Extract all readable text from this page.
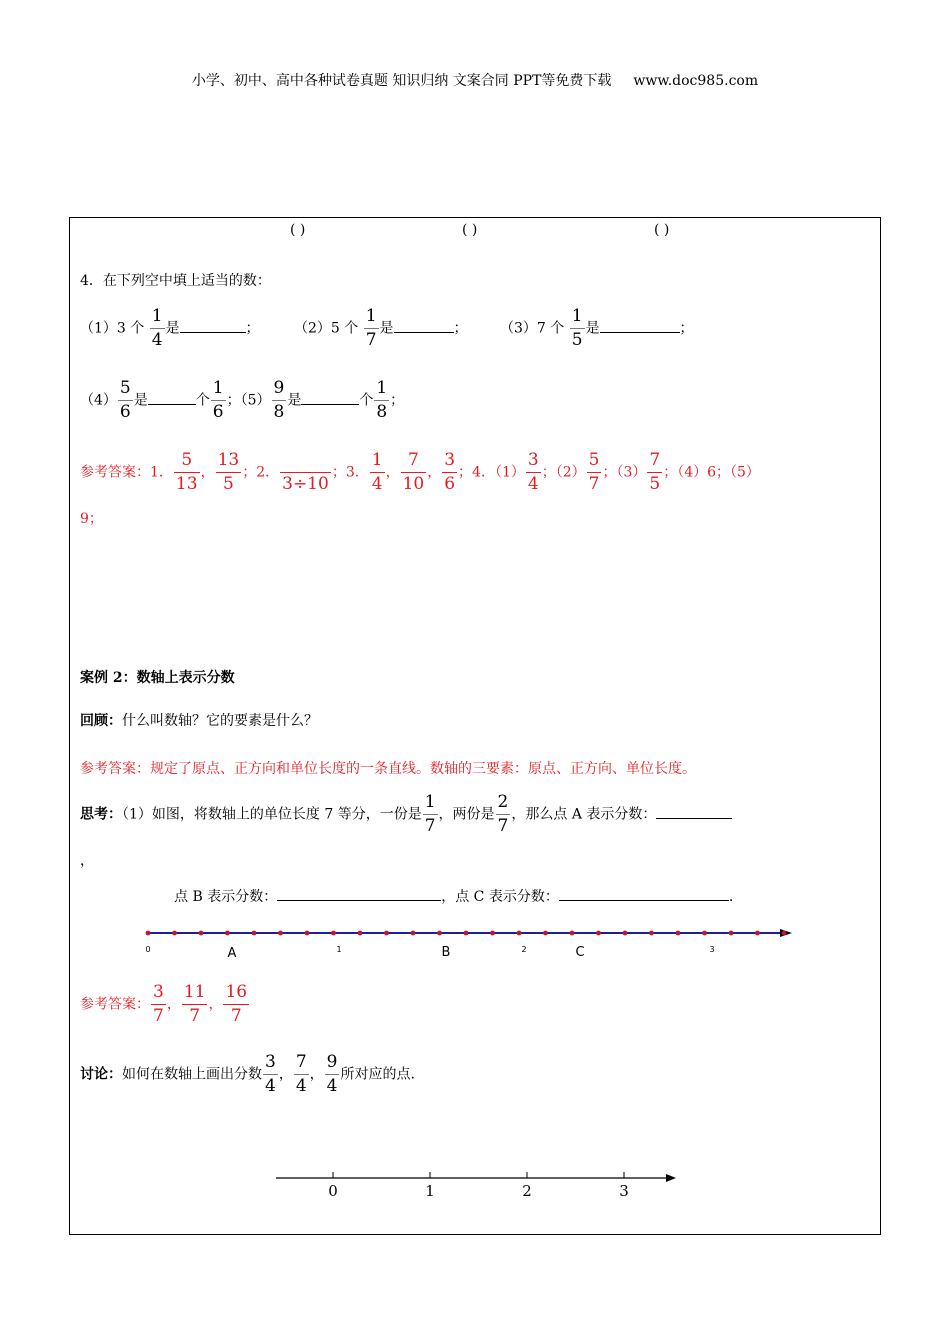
小学、初中、高中各种试卷真题 知识归纳 文案合同 PPT等免费下载 www.doc985.com
( )	( )	( )
4．在下列空中填上适当的数：
（1）3 个 $\frac{1}{4}$ 是	； （2）5 个 $\frac{1}{7}$ 是	； （3）7 个 $\frac{1}{5}$ 是	；
$(4) \frac{5}{6}$ 是	个 $\frac{1}{6}$ ；$(5) \frac{9}{8}$ 是	个 $\frac{1}{8}$ ；
参考答案：1． $\frac{5}{13}$ ， $\frac{13}{5}$ ；2．

3÷10
；3． $\frac{1}{4}$ ， $\frac{7}{10}$ ， $\frac{3}{6}$ ；4．$(1) \frac{3}{4}$ ；$(2) \frac{5}{7}$ ；$(3) \frac{7}{5}$ ；（4）6；（5）
9；
案例 2：数轴上表示分数
回顾：什么叫数轴？它的要素是什么？
参考答案：规定了原点、正方向和单位长度的一条直线。数轴的三要素：原点、正方向、单位长度。
思考：（1）如图，将数轴上的单位长度 7 等分，一份是 $\frac{1}{7}$ ，两份是 $\frac{2}{7}$ ，那么点 A 表示分数：
，
点 B 表示分数：	，点 C 表示分数：	.
0	1	2	3
A	B	C
参考答案： $\frac{3}{7}$ ， $\frac{11}{7}$ ， $\frac{16}{7}$
讨论：如何在数轴上画出分数 $\frac{3}{4}$ ， $\frac{7}{4}$ ， $\frac{9}{4}$ 所对应的点.
0	1	2	3
